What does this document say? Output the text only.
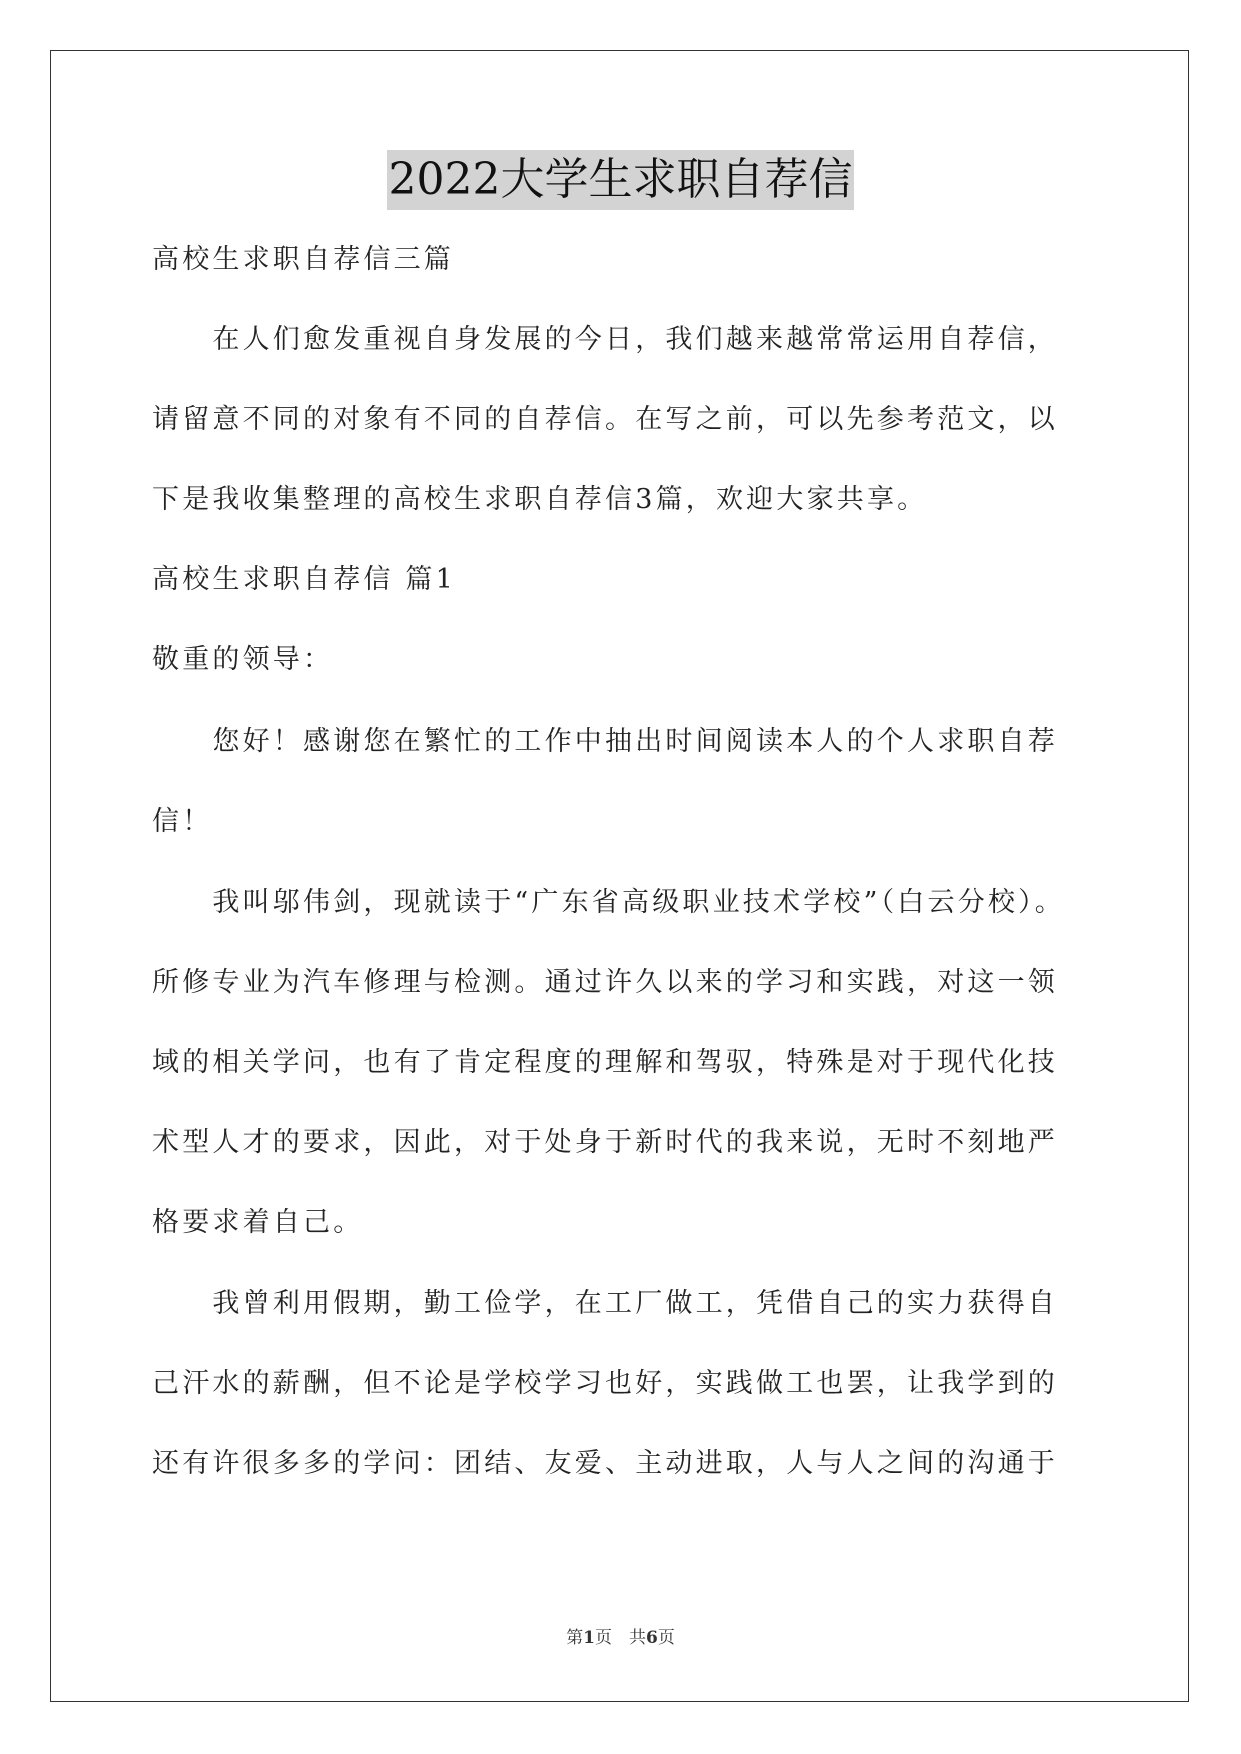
2022大学生求职自荐信
高校生求职自荐信三篇
　　在人们愈发重视自身发展的今日，我们越来越常常运用自荐信，
请留意不同的对象有不同的自荐信。在写之前，可以先参考范文，以
下是我收集整理的高校生求职自荐信3篇，欢迎大家共享。
高校生求职自荐信 篇1
敬重的领导：
　　您好！感谢您在繁忙的工作中抽出时间阅读本人的个人求职自荐
信！
　　我叫邬伟剑，现就读于“广东省高级职业技术学校”（白云分校）。
所修专业为汽车修理与检测。通过许久以来的学习和实践，对这一领
域的相关学问，也有了肯定程度的理解和驾驭，特殊是对于现代化技
术型人才的要求，因此，对于处身于新时代的我来说，无时不刻地严
格要求着自己。
　　我曾利用假期，勤工俭学，在工厂做工，凭借自己的实力获得自
己汗水的薪酬，但不论是学校学习也好，实践做工也罢，让我学到的
还有许很多多的学问：团结、友爱、主动进取，人与人之间的沟通于
第1页　共6页
